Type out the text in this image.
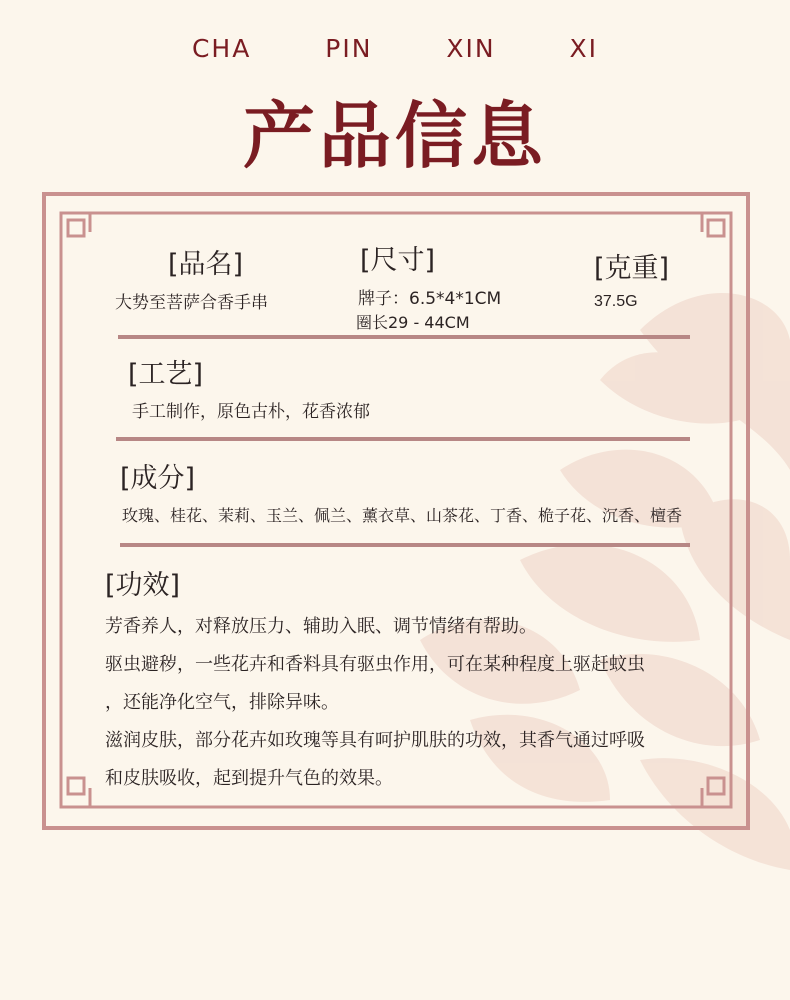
CHA	PIN	XIN	XI
产品信息
[品名]
大势至菩萨合香手串
[尺寸]
牌子：6.5*4*1CM
圈长29 - 44CM
[克重]
37.5G
[工艺]
手工制作，原色古朴，花香浓郁
[成分]
玫瑰、桂花、茉莉、玉兰、佩兰、薰衣草、山茶花、丁香、桅子花、沉香、檀香
[功效]
芳香养人，对释放压力、辅助入眠、调节情绪有帮助。
驱虫避秽，一些花卉和香料具有驱虫作用，可在某种程度上驱赶蚊虫
，还能净化空气，排除异味。
滋润皮肤，部分花卉如玫瑰等具有呵护肌肤的功效，其香气通过呼吸
和皮肤吸收，起到提升气色的效果。
